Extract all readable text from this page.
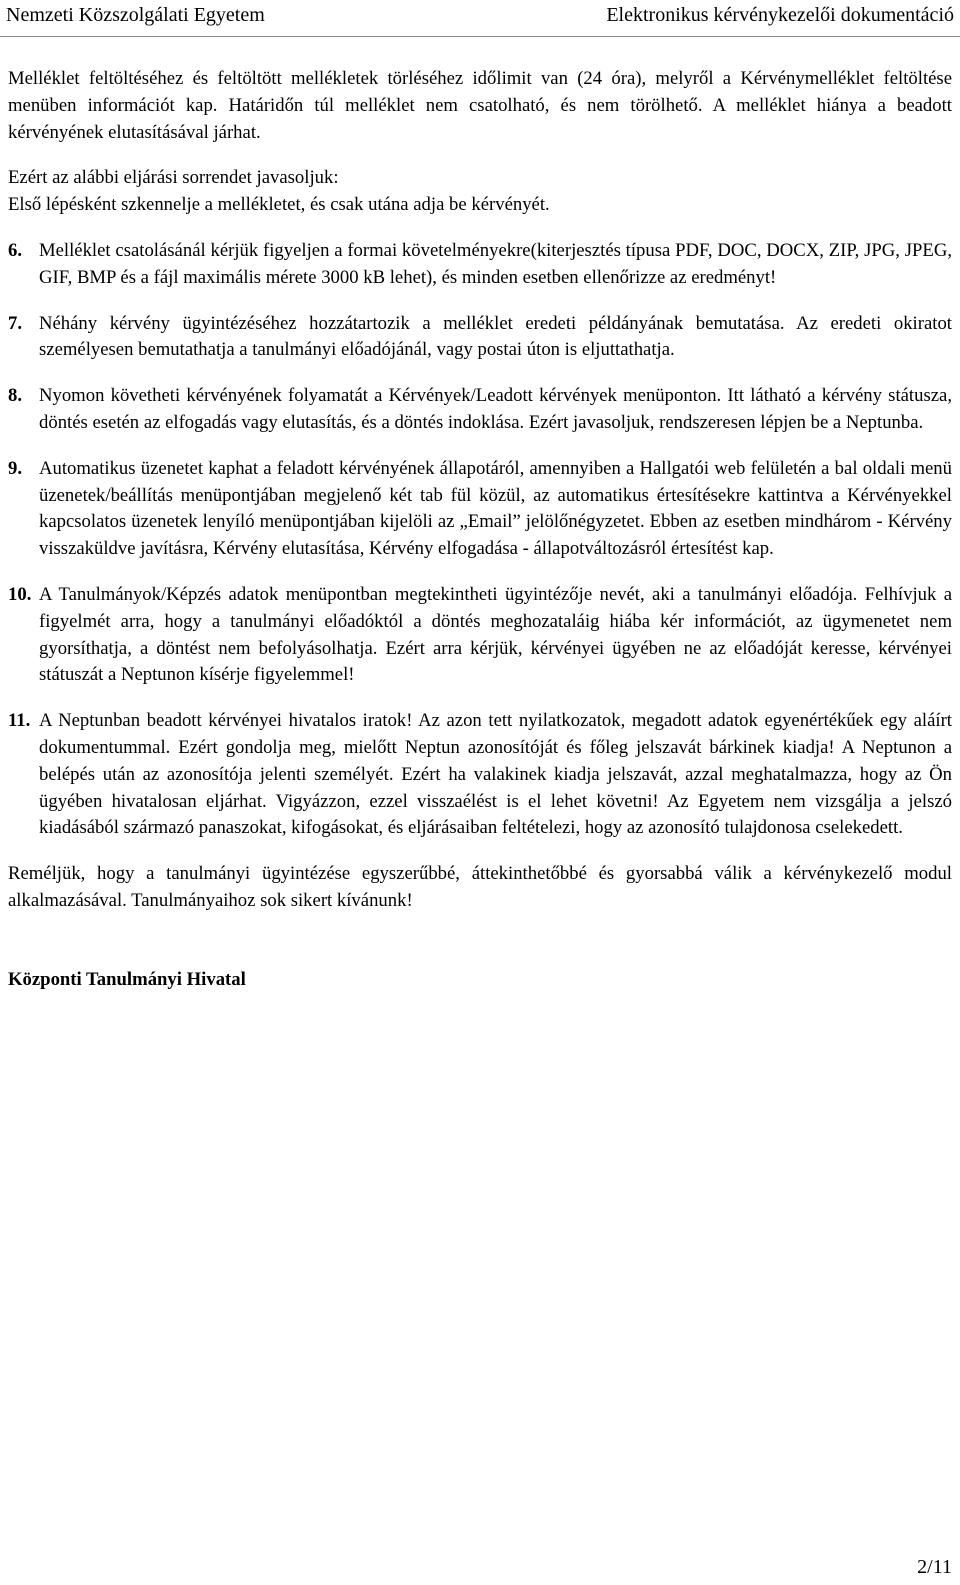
Nemzeti Közszolgálati Egyetem	Elektronikus kérvénykezelői dokumentáció

Melléklet feltöltéséhez és feltöltött mellékletek törléséhez időlimit van (24 óra), melyről a Kérvénymelléklet feltöltése menüben információt kap. Határidőn túl melléklet nem csatolható, és nem törölhető. A melléklet hiánya a beadott kérvényének elutasításával járhat.

Ezért az alábbi eljárási sorrendet javasoljuk:

Első lépésként szkennelje a mellékletet, és csak utána adja be kérvényét.

6. Melléklet csatolásánál kérjük figyeljen a formai követelményekre(kiterjesztés típusa PDF, DOC, DOCX, ZIP, JPG, JPEG, GIF, BMP és a fájl maximális mérete 3000 kB lehet), és minden esetben ellenőrizze az eredményt!
7. Néhány kérvény ügyintézéséhez hozzátartozik a melléklet eredeti példányának bemutatása. Az eredeti okiratot személyesen bemutathatja a tanulmányi előadójánál, vagy postai úton is eljuttathatja.
8. Nyomon követheti kérvényének folyamatát a Kérvények/Leadott kérvények menüponton. Itt látható a kérvény státusza, döntés esetén az elfogadás vagy elutasítás, és a döntés indoklása. Ezért javasoljuk, rendszeresen lépjen be a Neptunba.
9. Automatikus üzenetet kaphat a feladott kérvényének állapotáról, amennyiben a Hallgatói web felületén a bal oldali menü üzenetek/beállítás menüpontjában megjelenő két tab fül közül, az automatikus értesítésekre kattintva a Kérvényekkel kapcsolatos üzenetek lenyíló menüpontjában kijelöli az „Email” jelölőnégyzetet. Ebben az esetben mindhárom - Kérvény visszaküldve javításra, Kérvény elutasítása, Kérvény elfogadása - állapotváltozásról értesítést kap.
10. A Tanulmányok/Képzés adatok menüpontban megtekintheti ügyintézője nevét, aki a tanulmányi előadója. Felhívjuk a figyelmét arra, hogy a tanulmányi előadóktól a döntés meghozataláig hiába kér információt, az ügymenetet nem gyorsíthatja, a döntést nem befolyásolhatja. Ezért arra kérjük, kérvényei ügyében ne az előadóját keresse, kérvényei státuszát a Neptunon kísérje figyelemmel!
11. A Neptunban beadott kérvényei hivatalos iratok! Az azon tett nyilatkozatok, megadott adatok egyenértékűek egy aláírt dokumentummal. Ezért gondolja meg, mielőtt Neptun azonosítóját és főleg jelszavát bárkinek kiadja! A Neptunon a belépés után az azonosítója jelenti személyét. Ezért ha valakinek kiadja jelszavát, azzal meghatalmazza, hogy az Ön ügyében hivatalosan eljárhat. Vigyázzon, ezzel visszaélést is el lehet követni! Az Egyetem nem vizsgálja a jelszó kiadásából származó panaszokat, kifogásokat, és eljárásaiban feltételezi, hogy az azonosító tulajdonosa cselekedett.

Reméljük, hogy a tanulmányi ügyintézése egyszerűbbé, áttekinthetőbbé és gyorsabbá válik a kérvénykezelő modul alkalmazásával. Tanulmányaihoz sok sikert kívánunk!

Központi Tanulmányi Hivatal

2/11
